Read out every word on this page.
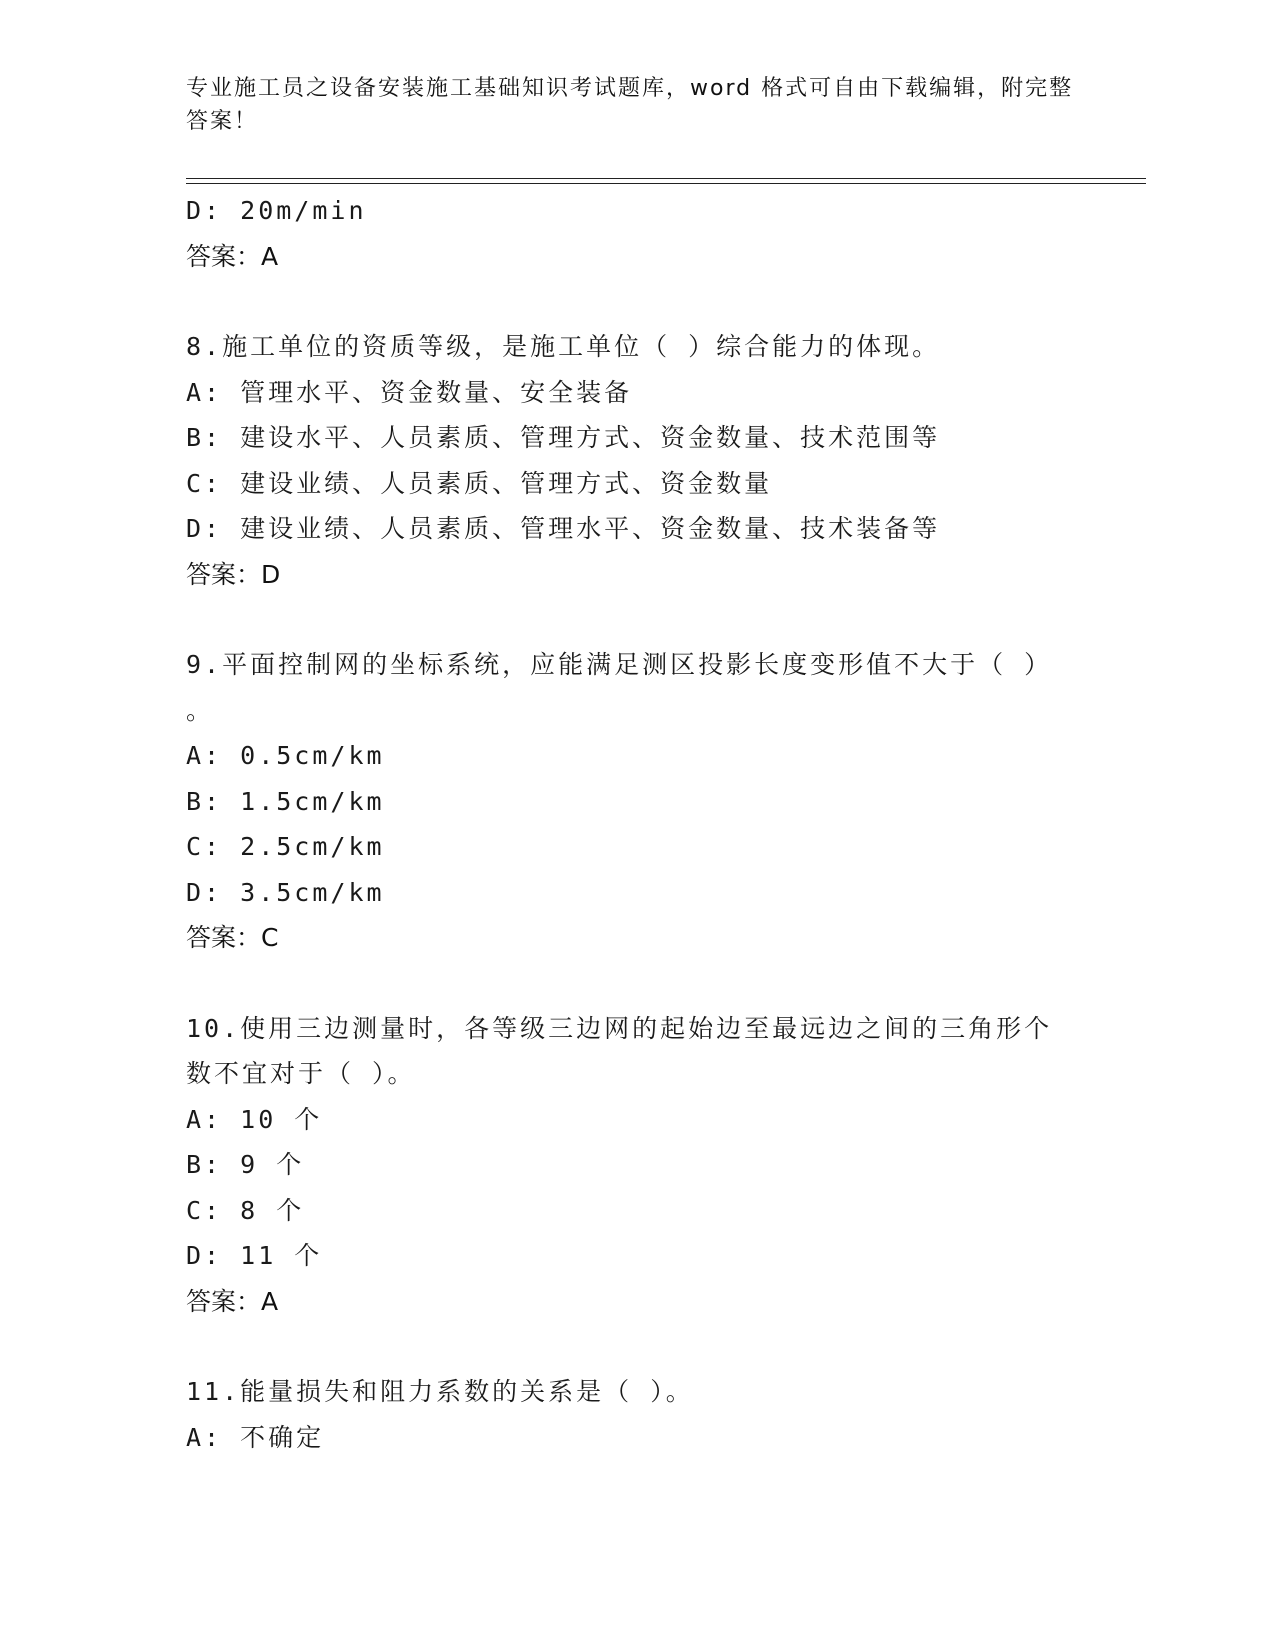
专业施工员之设备安装施工基础知识考试题库，word 格式可自由下载编辑，附完整答案！
D: 20m/min
答案：A
8.施工单位的资质等级，是施工单位（ ）综合能力的体现。
A: 管理水平、资金数量、安全装备
B: 建设水平、人员素质、管理方式、资金数量、技术范围等
C: 建设业绩、人员素质、管理方式、资金数量
D: 建设业绩、人员素质、管理水平、资金数量、技术装备等
答案：D
9.平面控制网的坐标系统，应能满足测区投影长度变形值不大于（ ）
。
A: 0.5cm/km
B: 1.5cm/km
C: 2.5cm/km
D: 3.5cm/km
答案：C
10.使用三边测量时，各等级三边网的起始边至最远边之间的三角形个
数不宜对于（ ）。
A: 10 个
B: 9 个
C: 8 个
D: 11 个
答案：A
11.能量损失和阻力系数的关系是（ ）。
A: 不确定
